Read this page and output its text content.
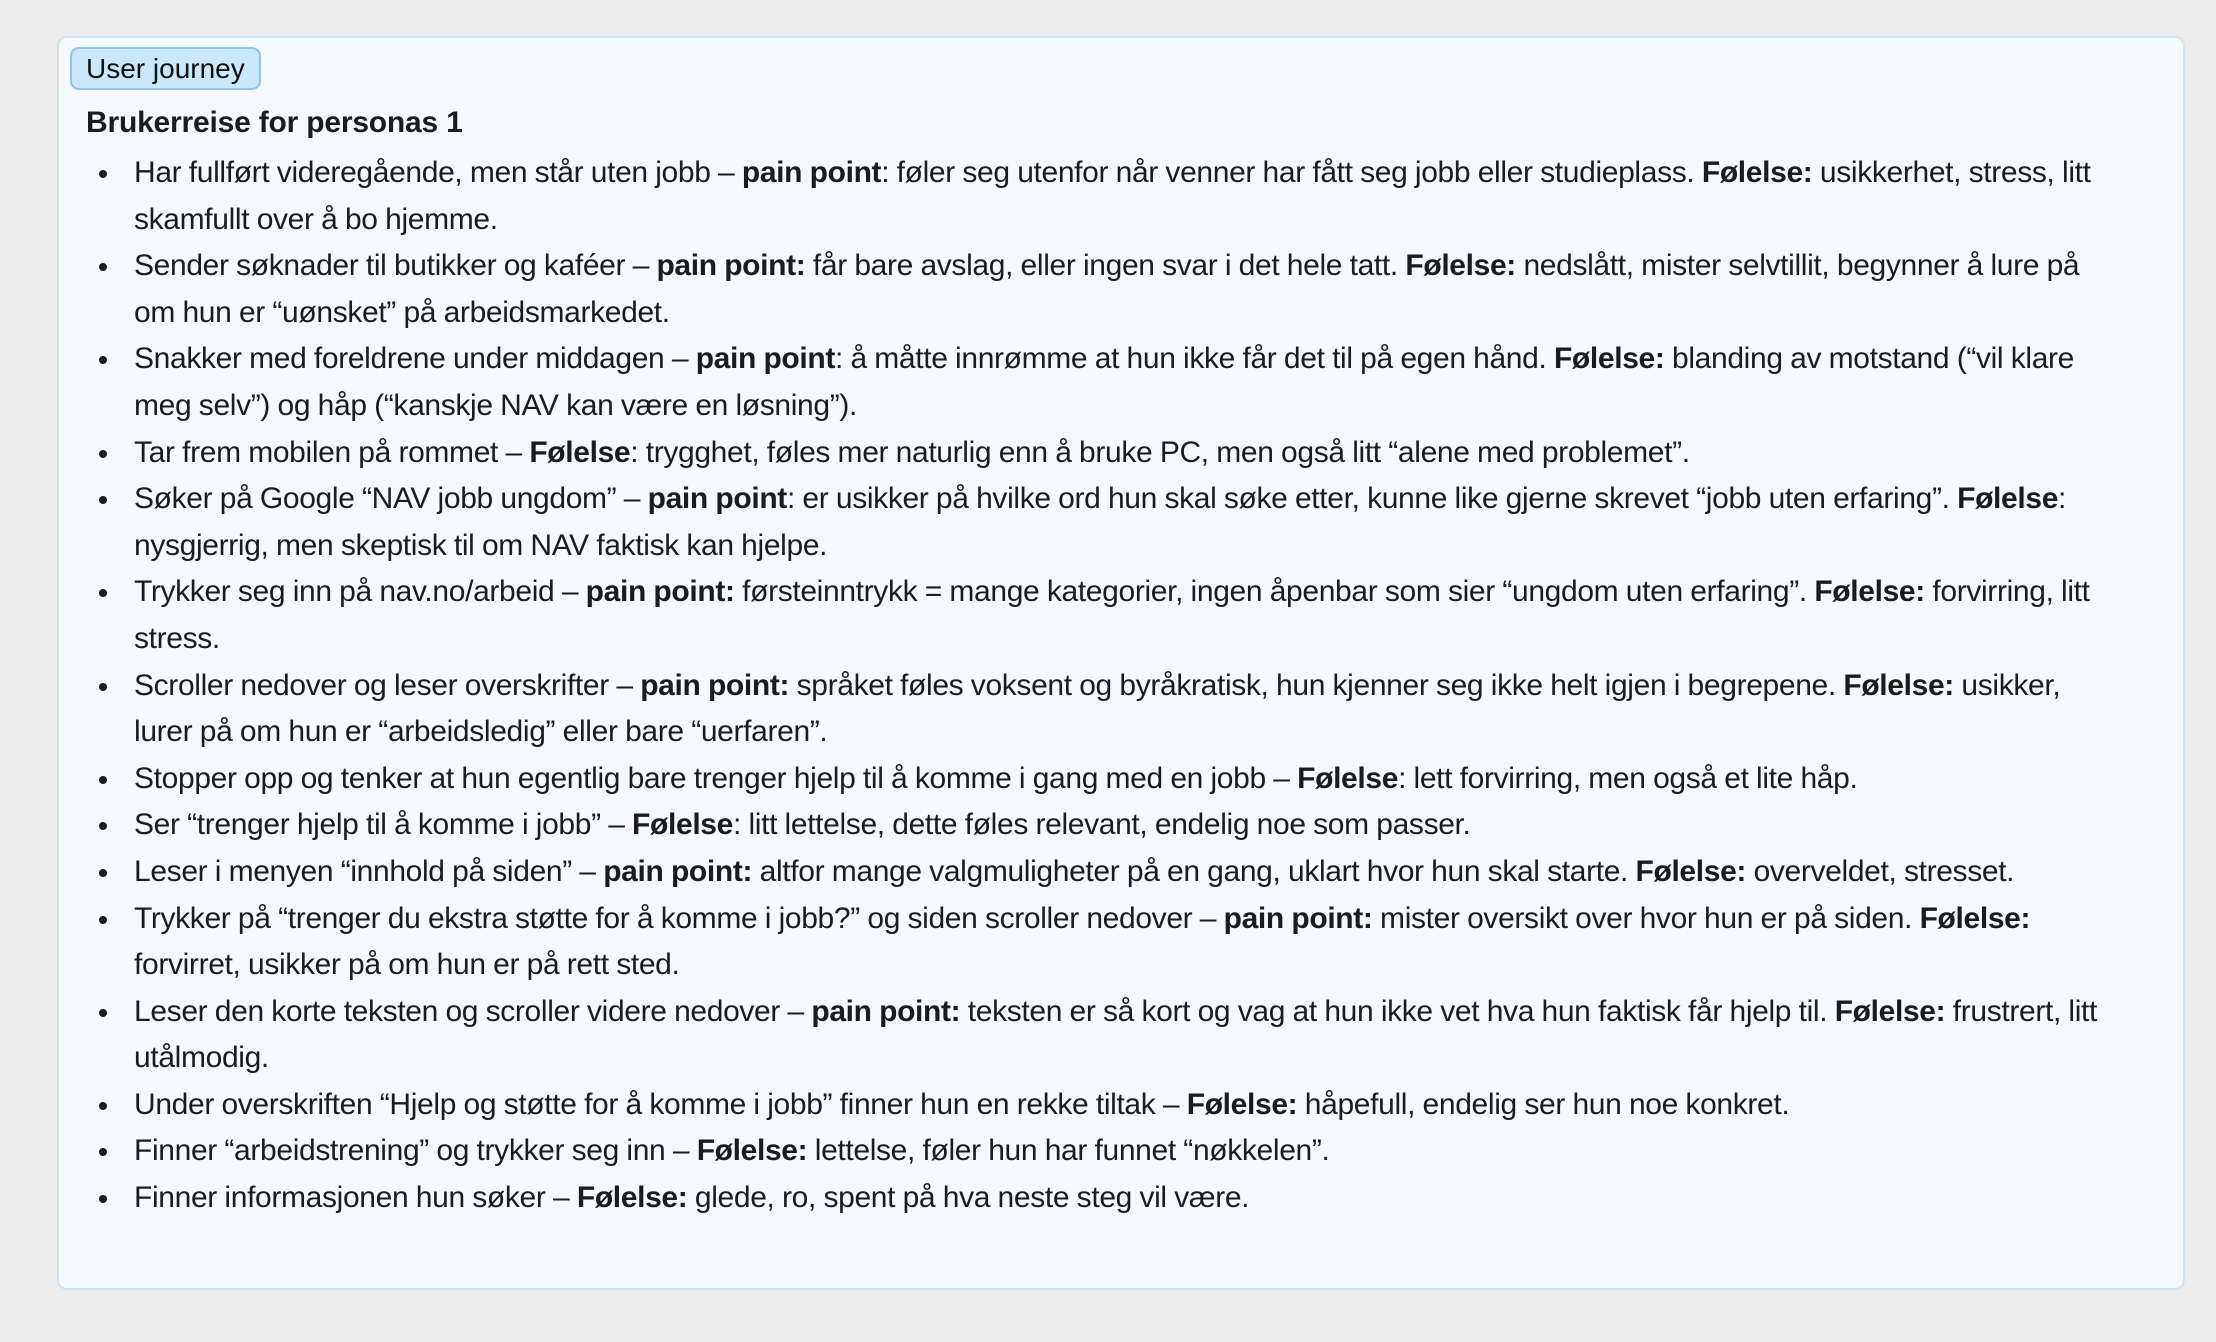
User journey
Brukerreise for personas 1
Har fullført videregående, men står uten jobb – pain point: føler seg utenfor når venner har fått seg jobb eller studieplass. Følelse: usikkerhet, stress, litt skamfullt over å bo hjemme.
Sender søknader til butikker og kaféer – pain point: får bare avslag, eller ingen svar i det hele tatt. Følelse: nedslått, mister selvtillit, begynner å lure på om hun er “uønsket” på arbeidsmarkedet.
Snakker med foreldrene under middagen – pain point: å måtte innrømme at hun ikke får det til på egen hånd. Følelse: blanding av motstand (“vil klare meg selv”) og håp (“kanskje NAV kan være en løsning”).
Tar frem mobilen på rommet – Følelse: trygghet, føles mer naturlig enn å bruke PC, men også litt “alene med problemet”.
Søker på Google “NAV jobb ungdom” – pain point: er usikker på hvilke ord hun skal søke etter, kunne like gjerne skrevet “jobb uten erfaring”. Følelse: nysgjerrig, men skeptisk til om NAV faktisk kan hjelpe.
Trykker seg inn på nav.no/arbeid – pain point: førsteinntrykk = mange kategorier, ingen åpenbar som sier “ungdom uten erfaring”. Følelse: forvirring, litt stress.
Scroller nedover og leser overskrifter – pain point: språket føles voksent og byråkratisk, hun kjenner seg ikke helt igjen i begrepene. Følelse: usikker, lurer på om hun er “arbeidsledig” eller bare “uerfaren”.
Stopper opp og tenker at hun egentlig bare trenger hjelp til å komme i gang med en jobb – Følelse: lett forvirring, men også et lite håp.
Ser “trenger hjelp til å komme i jobb” – Følelse: litt lettelse, dette føles relevant, endelig noe som passer.
Leser i menyen “innhold på siden” – pain point: altfor mange valgmuligheter på en gang, uklart hvor hun skal starte. Følelse: overveldet, stresset.
Trykker på “trenger du ekstra støtte for å komme i jobb?” og siden scroller nedover – pain point: mister oversikt over hvor hun er på siden. Følelse: forvirret, usikker på om hun er på rett sted.
Leser den korte teksten og scroller videre nedover – pain point: teksten er så kort og vag at hun ikke vet hva hun faktisk får hjelp til. Følelse: frustrert, litt utålmodig.
Under overskriften “Hjelp og støtte for å komme i jobb” finner hun en rekke tiltak – Følelse: håpefull, endelig ser hun noe konkret.
Finner “arbeidstrening” og trykker seg inn – Følelse: lettelse, føler hun har funnet “nøkkelen”.
Finner informasjonen hun søker – Følelse: glede, ro, spent på hva neste steg vil være.
